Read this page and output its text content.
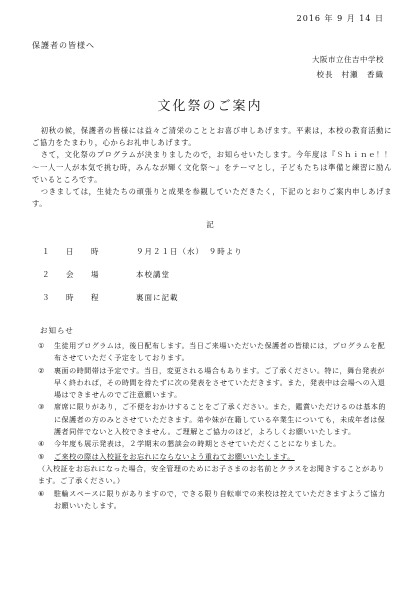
2016 年 9 月 14 日
保護者の皆様へ
大阪市立住吉中学校
校長 村瀬　香織
文化祭のご案内

初秋の候，保護者の皆様には益々ご清栄のこととお喜び申しあげます。平素は，本校の教育活動にご協力をたまわり，心からお礼申しあげます。

さて，文化祭のプログラムが決まりましたので，お知らせいたします。今年度は『Ｓｈｉｎｅ！！　～一人一人が本気で挑む時，みんなが輝く文化祭～』をテーマとし，子どもたちは準備と練習に励んでいるところです。

つきましては，生徒たちの頑張りと成果を参観していただきたく，下記のとおりご案内申しあげます。

記
１ 日　時	９月２１日（水）　９時より
２ 会　場	本校講堂
３ 時　程	裏面に記載
お知らせ
①	生徒用プログラムは，後日配布します。当日ご来場いただいた保護者の皆様には，プログラムを配布させていただく予定をしております。
②	裏面の時間帯は予定です。当日，変更される場合もあります。ご了承ください。特に，舞台発表が早く終われば，その時間を待たずに次の発表をさせていただきます。また，発表中は会場への入退場はできませんのでご注意願います。
③	席席に限りがあり，ご不便をおかけすることをご了承ください。また，鑑賞いただけるのは基本的に保護者の方のみとさせていただきます。弟や妹が在籍している卒業生についても，未成年者は保護者同伴でないと入校できません。ご理解とご協力のほど，よろしくお願いいたします。
④	今年度も展示発表は，２学期末の懇談会の時期とさせていただくことになりました。
⑤	ご来校の際は入校証をお忘れにならないよう重ねてお願いいたします。

（入校証をお忘れになった場合，安全管理のためにお子さまのお名前とクラスをお聞きすることがあります。ご了承ください。）

⑥	駐輪スペースに限りがありますので，できる限り自転車での来校は控えていただきますようご協力お願いいたします。
